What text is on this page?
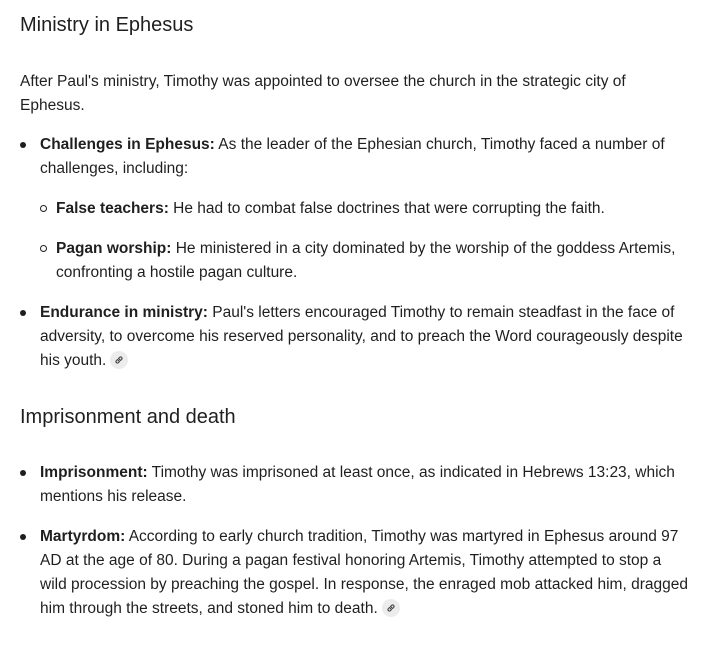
Ministry in Ephesus

After Paul's ministry, Timothy was appointed to oversee the church in the strategic city of Ephesus.

Challenges in Ephesus: As the leader of the Ephesian church, Timothy faced a number of challenges, including:
False teachers: He had to combat false doctrines that were corrupting the faith.
Pagan worship: He ministered in a city dominated by the worship of the goddess Artemis, confronting a hostile pagan culture.
Endurance in ministry: Paul's letters encouraged Timothy to remain steadfast in the face of adversity, to overcome his reserved personality, and to preach the Word courageously despite his youth.
Imprisonment and death
Imprisonment: Timothy was imprisoned at least once, as indicated in Hebrews 13:23, which mentions his release.
Martyrdom: According to early church tradition, Timothy was martyred in Ephesus around 97 AD at the age of 80. During a pagan festival honoring Artemis, Timothy attempted to stop a wild procession by preaching the gospel. In response, the enraged mob attacked him, dragged him through the streets, and stoned him to death.
